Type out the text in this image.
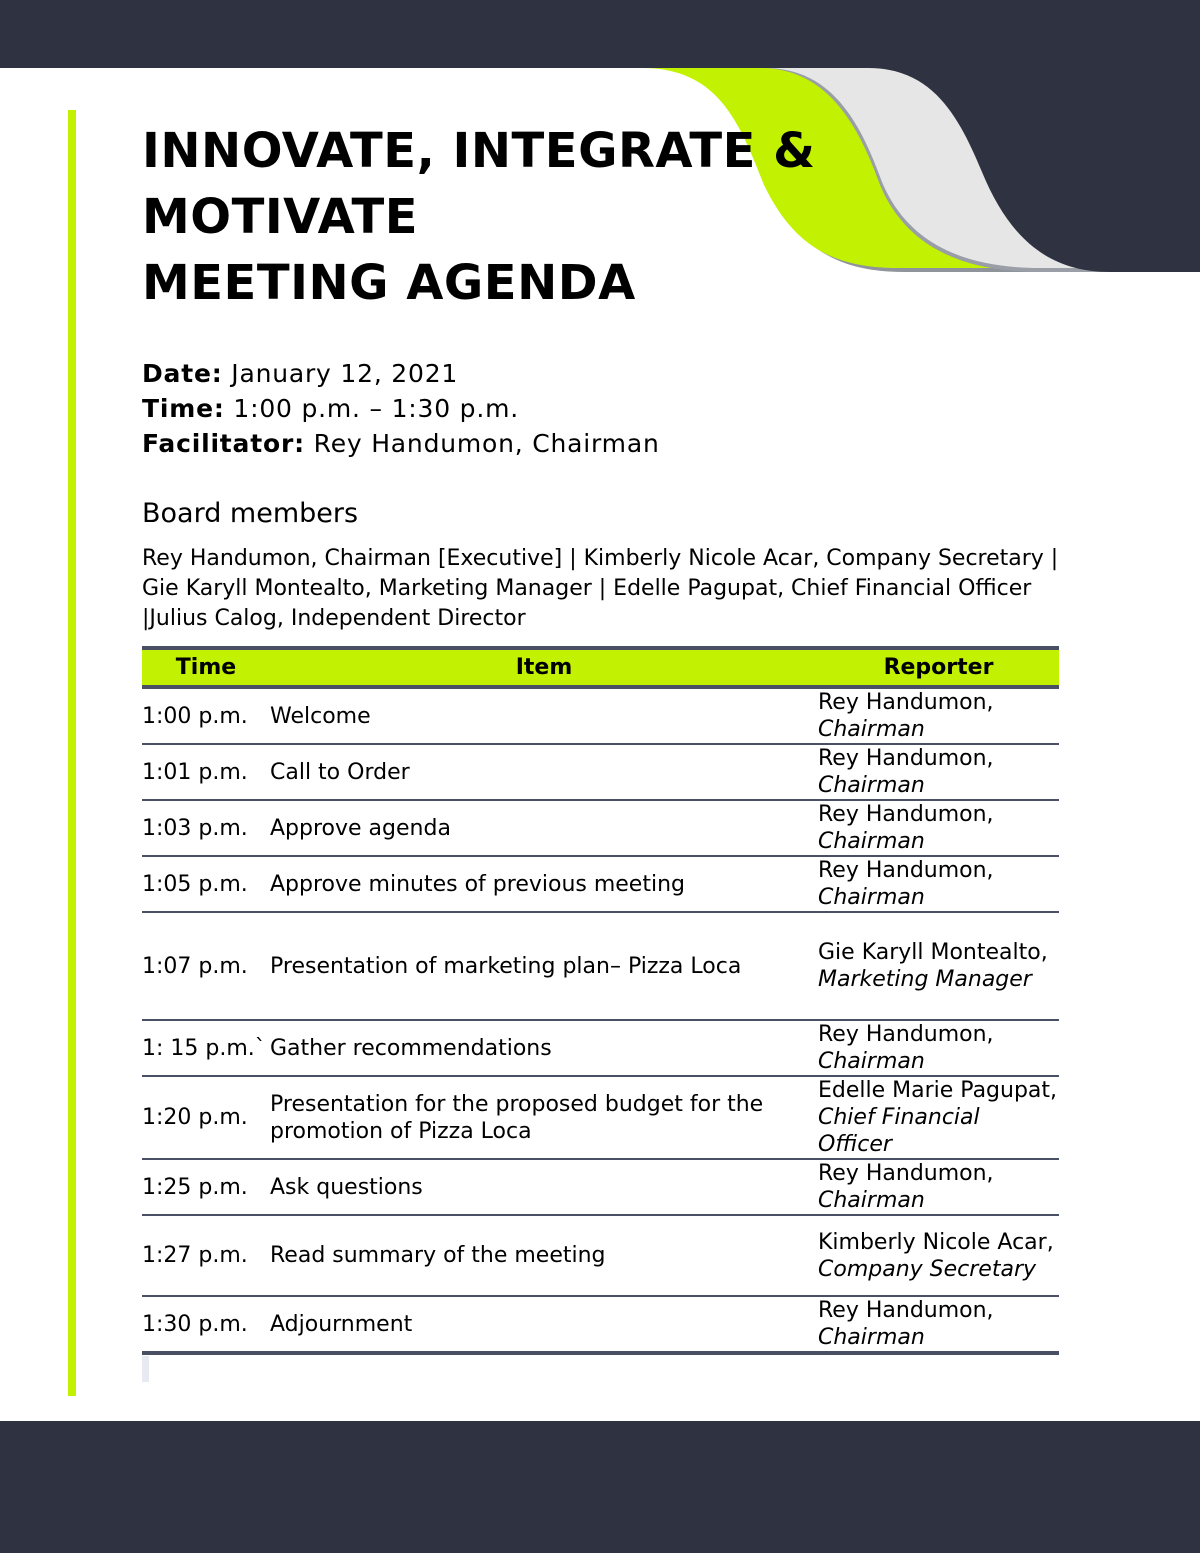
INNOVATE, INTEGRATE &
MOTIVATE
MEETING AGENDA
Date: January 12, 2021
Time: 1:00 p.m. – 1:30 p.m.
Facilitator: Rey Handumon, Chairman
Board members

Rey Handumon, Chairman [Executive] | Kimberly Nicole Acar, Company Secretary | Gie Karyll Montealto, Marketing Manager | Edelle Pagupat, Chief Financial Officer |Julius Calog, Independent Director

Time	Item	Reporter
1:00 p.m.	Welcome	Rey Handumon,
Chairman
1:01 p.m.	Call to Order	Rey Handumon,
Chairman
1:03 p.m.	Approve agenda	Rey Handumon,
Chairman
1:05 p.m.	Approve minutes of previous meeting	Rey Handumon,
Chairman
1:07 p.m.	Presentation of marketing plan– Pizza Loca	Gie Karyll Montealto, Marketing Manager
1: 15 p.m.`	Gather recommendations	Rey Handumon,
Chairman
1:20 p.m.	Presentation for the proposed budget for the promotion of Pizza Loca	Edelle Marie Pagupat, Chief Financial Officer
1:25 p.m.	Ask questions	Rey Handumon,
Chairman
1:27 p.m.	Read summary of the meeting	Kimberly Nicole Acar, Company Secretary
1:30 p.m.	Adjournment	Rey Handumon,
Chairman
